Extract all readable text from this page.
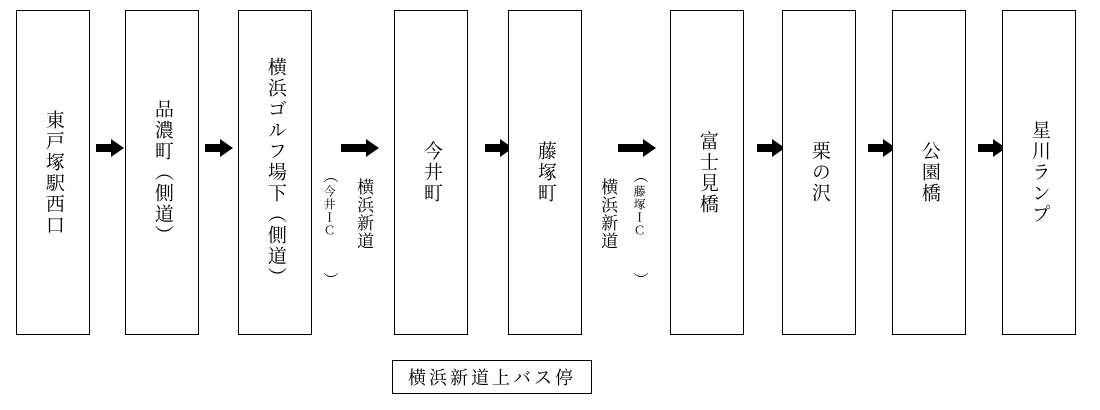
東戸塚駅西口	品濃町（側道）	横浜ゴルフ場下（側道）	今井ＩＣ 横浜新道
（
）
今井町	藤塚町
藤塚ＩＣ
横浜新道
（
）
富士見橋	栗の沢	公園橋	星川ランプ
横浜新道上バス停
